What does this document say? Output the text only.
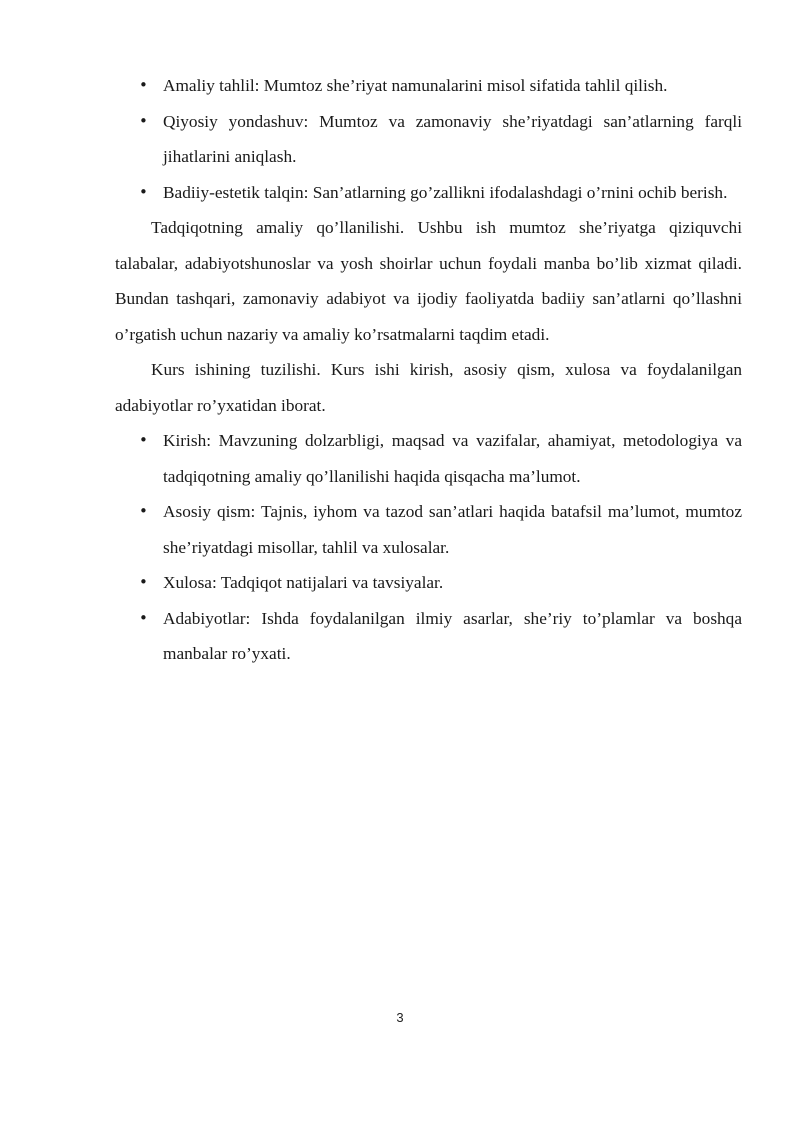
• Amaliy tahlil: Mumtoz she’riyat namunalarini misol sifatida tahlil qilish.
• Qiyosiy yondashuv: Mumtoz va zamonaviy she’riyatdagi san’atlarning farqli jihatlarini aniqlash.
• Badiiy-estetik talqin: San’atlarning go’zallikni ifodalashdagi o’rnini ochib berish.

Tadqiqotning amaliy qo’llanilishi. Ushbu ish mumtoz she’riyatga qiziquvchi talabalar, adabiyotshunoslar va yosh shoirlar uchun foydali manba bo’lib xizmat qiladi. Bundan tashqari, zamonaviy adabiyot va ijodiy faoliyatda badiiy san’atlarni qo’llashni o’rgatish uchun nazariy va amaliy ko’rsatmalarni taqdim etadi.

Kurs ishining tuzilishi. Kurs ishi kirish, asosiy qism, xulosa va foydalanilgan adabiyotlar ro’yxatidan iborat.

• Kirish: Mavzuning dolzarbligi, maqsad va vazifalar, ahamiyat, metodologiya va tadqiqotning amaliy qo’llanilishi haqida qisqacha ma’lumot.
• Asosiy qism: Tajnis, iyhom va tazod san’atlari haqida batafsil ma’lumot, mumtoz she’riyatdagi misollar, tahlil va xulosalar.
• Xulosa: Tadqiqot natijalari va tavsiyalar.
• Adabiyotlar: Ishda foydalanilgan ilmiy asarlar, she’riy to’plamlar va boshqa manbalar ro’yxati.
3
